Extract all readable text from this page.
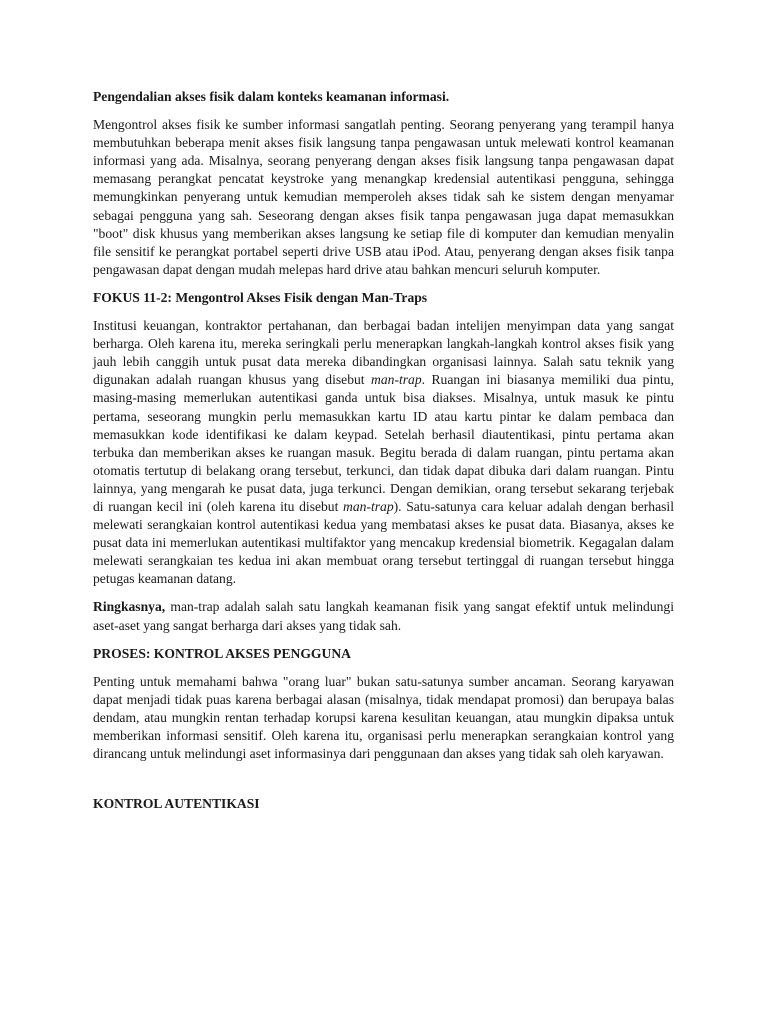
Pengendalian akses fisik dalam konteks keamanan informasi.

Mengontrol akses fisik ke sumber informasi sangatlah penting. Seorang penyerang yang terampil hanya membutuhkan beberapa menit akses fisik langsung tanpa pengawasan untuk melewati kontrol keamanan informasi yang ada. Misalnya, seorang penyerang dengan akses fisik langsung tanpa pengawasan dapat memasang perangkat pencatat keystroke yang menangkap kredensial autentikasi pengguna, sehingga memungkinkan penyerang untuk kemudian memperoleh akses tidak sah ke sistem dengan menyamar sebagai pengguna yang sah. Seseorang dengan akses fisik tanpa pengawasan juga dapat memasukkan "boot" disk khusus yang memberikan akses langsung ke setiap file di komputer dan kemudian menyalin file sensitif ke perangkat portabel seperti drive USB atau iPod. Atau, penyerang dengan akses fisik tanpa pengawasan dapat dengan mudah melepas hard drive atau bahkan mencuri seluruh komputer.

FOKUS 11-2: Mengontrol Akses Fisik dengan Man-Traps

Institusi keuangan, kontraktor pertahanan, dan berbagai badan intelijen menyimpan data yang sangat berharga. Oleh karena itu, mereka seringkali perlu menerapkan langkah-langkah kontrol akses fisik yang jauh lebih canggih untuk pusat data mereka dibandingkan organisasi lainnya. Salah satu teknik yang digunakan adalah ruangan khusus yang disebut man-trap. Ruangan ini biasanya memiliki dua pintu, masing-masing memerlukan autentikasi ganda untuk bisa diakses. Misalnya, untuk masuk ke pintu pertama, seseorang mungkin perlu memasukkan kartu ID atau kartu pintar ke dalam pembaca dan memasukkan kode identifikasi ke dalam keypad. Setelah berhasil diautentikasi, pintu pertama akan terbuka dan memberikan akses ke ruangan masuk. Begitu berada di dalam ruangan, pintu pertama akan otomatis tertutup di belakang orang tersebut, terkunci, dan tidak dapat dibuka dari dalam ruangan. Pintu lainnya, yang mengarah ke pusat data, juga terkunci. Dengan demikian, orang tersebut sekarang terjebak di ruangan kecil ini (oleh karena itu disebut man-trap). Satu-satunya cara keluar adalah dengan berhasil melewati serangkaian kontrol autentikasi kedua yang membatasi akses ke pusat data. Biasanya, akses ke pusat data ini memerlukan autentikasi multifaktor yang mencakup kredensial biometrik. Kegagalan dalam melewati serangkaian tes kedua ini akan membuat orang tersebut tertinggal di ruangan tersebut hingga petugas keamanan datang.

Ringkasnya, man-trap adalah salah satu langkah keamanan fisik yang sangat efektif untuk melindungi aset-aset yang sangat berharga dari akses yang tidak sah.

PROSES: KONTROL AKSES PENGGUNA

Penting untuk memahami bahwa "orang luar" bukan satu-satunya sumber ancaman. Seorang karyawan dapat menjadi tidak puas karena berbagai alasan (misalnya, tidak mendapat promosi) dan berupaya balas dendam, atau mungkin rentan terhadap korupsi karena kesulitan keuangan, atau mungkin dipaksa untuk memberikan informasi sensitif. Oleh karena itu, organisasi perlu menerapkan serangkaian kontrol yang dirancang untuk melindungi aset informasinya dari penggunaan dan akses yang tidak sah oleh karyawan.

KONTROL AUTENTIKASI
